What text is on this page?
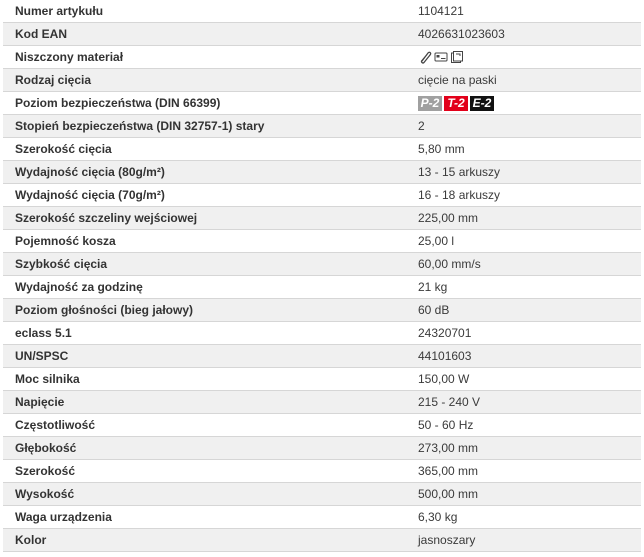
Numer artykułu	1104121
Kod EAN	4026631023603
Niszczony materiał	

Rodzaj cięcia	cięcie na paski
Poziom bezpieczeństwa (DIN 66399)	P-2 T-2 E-2

Stopień bezpieczeństwa (DIN 32757-1) stary	2
Szerokość cięcia	5,80 mm
Wydajność cięcia (80g/m²)	13 - 15 arkuszy
Wydajność cięcia (70g/m²)	16 - 18 arkuszy
Szerokość szczeliny wejściowej	225,00 mm
Pojemność kosza	25,00 l
Szybkość cięcia	60,00 mm/s
Wydajność za godzinę	21 kg
Poziom głośności (bieg jałowy)	60 dB
eclass 5.1	24320701
UN/SPSC	44101603
Moc silnika	150,00 W
Napięcie	215 - 240 V
Częstotliwość	50 - 60 Hz
Głębokość	273,00 mm
Szerokość	365,00 mm
Wysokość	500,00 mm
Waga urządzenia	6,30 kg
Kolor	jasnoszary
